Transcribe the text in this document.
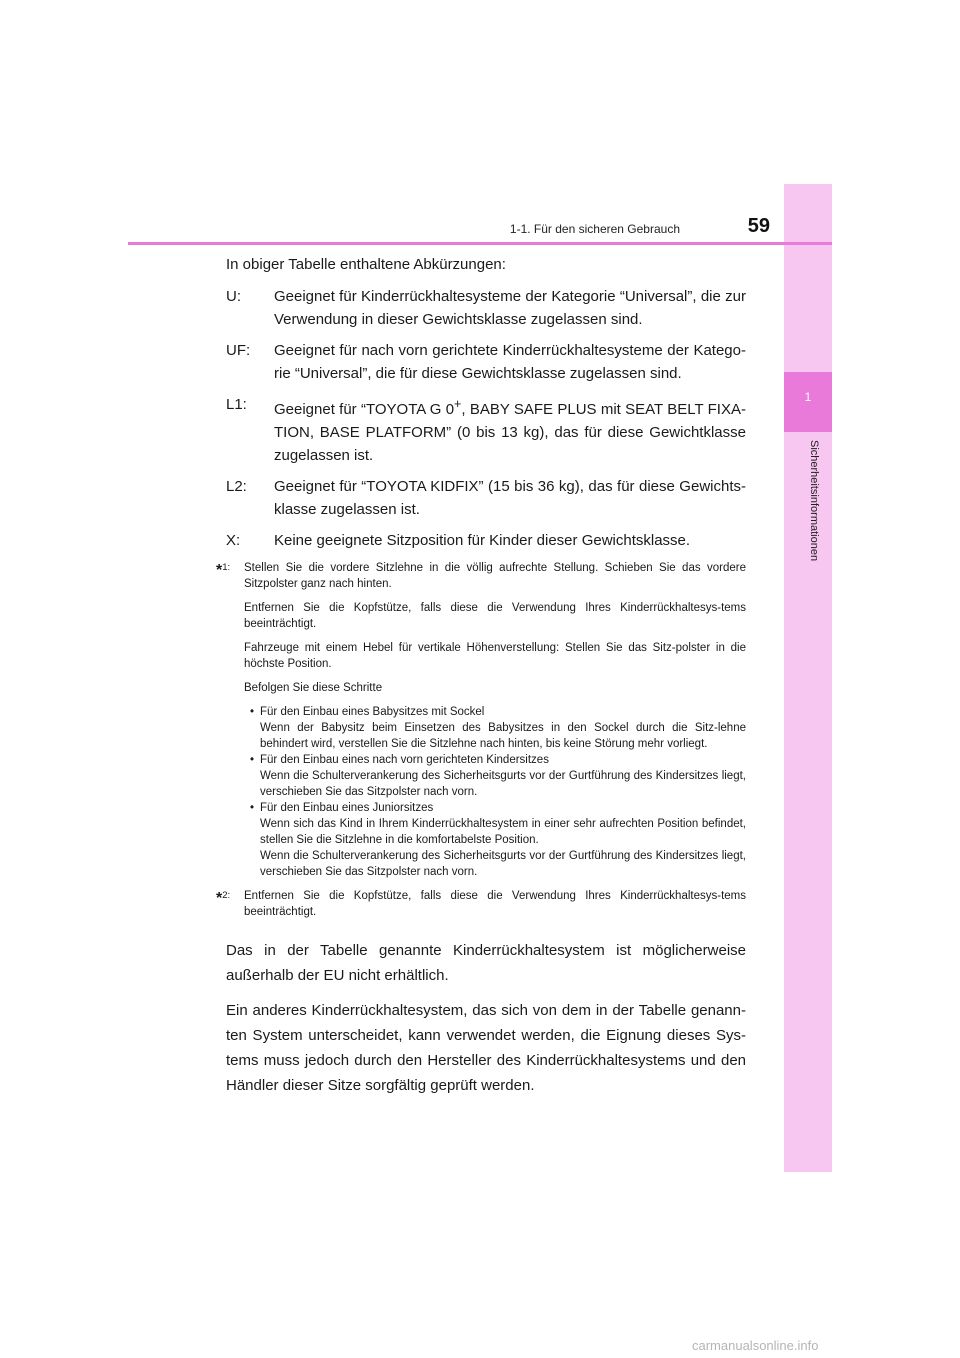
1
Sicherheitsinformationen
1-1. Für den sicheren Gebrauch	59
In obiger Tabelle enthaltene Abkürzungen:
U:	Geeignet für Kinderrückhaltesysteme der Kategorie “Universal”, die zur Verwendung in dieser Gewichtsklasse zugelassen sind.
UF:	Geeignet für nach vorn gerichtete Kinderrückhaltesysteme der Katego-rie “Universal”, die für diese Gewichtsklasse zugelassen sind.
L1:	Geeignet für “TOYOTA G 0+, BABY SAFE PLUS mit SEAT BELT FIXA-TION, BASE PLATFORM” (0 bis 13 kg), das für diese Gewichtklasse zugelassen ist.
L2:	Geeignet für “TOYOTA KIDFIX” (15 bis 36 kg), das für diese Gewichts-klasse zugelassen ist.
X:	Keine geeignete Sitzposition für Kinder dieser Gewichtsklasse.
*$^{1:}$	Stellen Sie die vordere Sitzlehne in die völlig aufrechte Stellung. Schieben Sie das vordere Sitzpolster ganz nach hinten.

Entfernen Sie die Kopfstütze, falls diese die Verwendung Ihres Kinderrückhaltesys-tems beeinträchtigt.

Fahrzeuge mit einem Hebel für vertikale Höhenverstellung: Stellen Sie das Sitz-polster in die höchste Position.

Befolgen Sie diese Schritte

• Für den Einbau eines Babysitzes mit Sockel
Wenn der Babysitz beim Einsetzen des Babysitzes in den Sockel durch die Sitz-lehne behindert wird, verstellen Sie die Sitzlehne nach hinten, bis keine Störung mehr vorliegt.
• Für den Einbau eines nach vorn gerichteten Kindersitzes
Wenn die Schulterverankerung des Sicherheitsgurts vor der Gurtführung des Kindersitzes liegt, verschieben Sie das Sitzpolster nach vorn.
• Für den Einbau eines Juniorsitzes
Wenn sich das Kind in Ihrem Kinderrückhaltesystem in einer sehr aufrechten Position befindet, stellen Sie die Sitzlehne in die komfortabelste Position.
Wenn die Schulterverankerung des Sicherheitsgurts vor der Gurtführung des Kindersitzes liegt, verschieben Sie das Sitzpolster nach vorn.
*$^{2:}$	Entfernen Sie die Kopfstütze, falls diese die Verwendung Ihres Kinderrückhaltesys-tems beeinträchtigt.

Das in der Tabelle genannte Kinderrückhaltesystem ist möglicherweise außerhalb der EU nicht erhältlich.

Ein anderes Kinderrückhaltesystem, das sich von dem in der Tabelle genann-ten System unterscheidet, kann verwendet werden, die Eignung dieses Sys-tems muss jedoch durch den Hersteller des Kinderrückhaltesystems und den Händler dieser Sitze sorgfältig geprüft werden.

carmanualsonline.info
